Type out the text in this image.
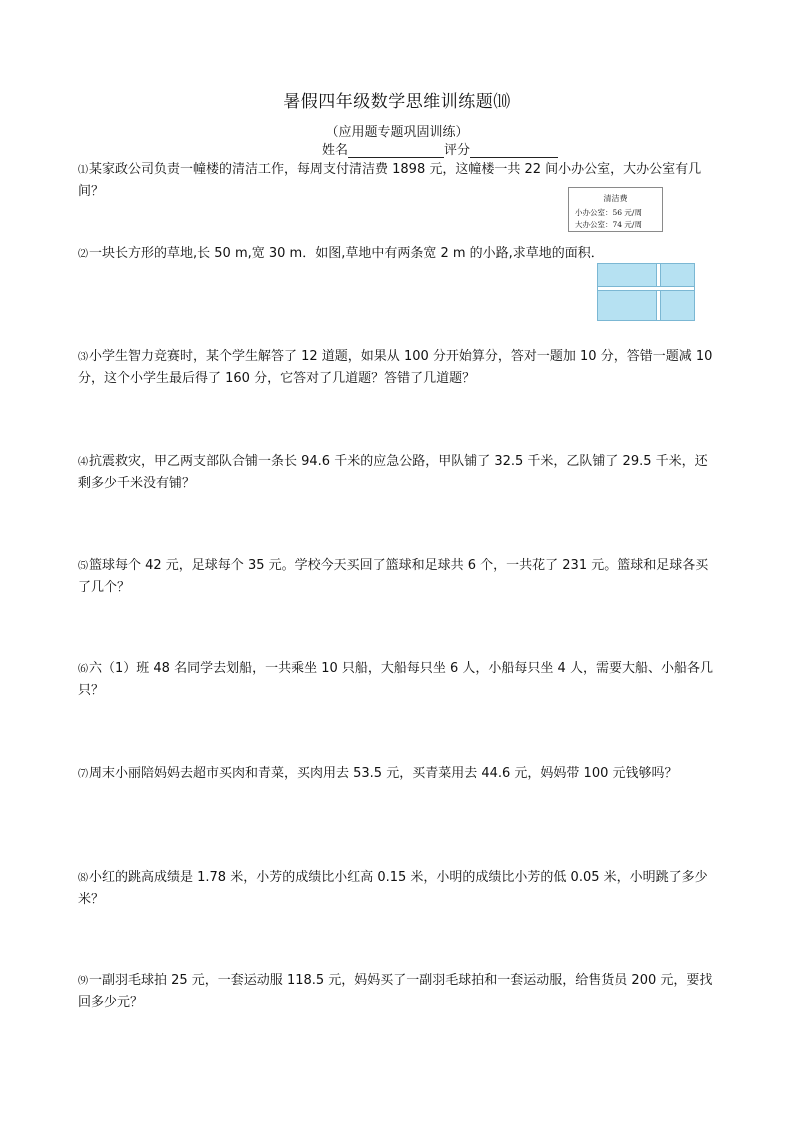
暑假四年级数学思维训练题⑽
（应用题专题巩固训练）
姓名	评分
⑴某家政公司负责一幢楼的清洁工作，每周支付清洁费 1898 元，这幢楼一共 22 间小办公室，大办公室有几间？	清洁费
小办公室：56 元/周
大办公室：74 元/周
⑵一块长方形的草地,长 50 m,宽 30 m．如图,草地中有两条宽 2 m 的小路,求草地的面积．
⑶小学生智力竞赛时，某个学生解答了 12 道题，如果从 100 分开始算分，答对一题加 10 分，答错一题减 10 分，这个小学生最后得了 160 分，它答对了几道题？答错了几道题？
⑷抗震救灾，甲乙两支部队合铺一条长 94.6 千米的应急公路，甲队铺了 32.5 千米，乙队铺了 29.5 千米，还剩多少千米没有铺？
⑸篮球每个 42 元，足球每个 35 元。学校今天买回了篮球和足球共 6 个，一共花了 231 元。篮球和足球各买了几个？
⑹六（1）班 48 名同学去划船，一共乘坐 10 只船，大船每只坐 6 人，小船每只坐 4 人，需要大船、小船各几只？
⑺周末小丽陪妈妈去超市买肉和青菜，买肉用去 53.5 元，买青菜用去 44.6 元，妈妈带 100 元钱够吗？
⑻小红的跳高成绩是 1.78 米，小芳的成绩比小红高 0.15 米，小明的成绩比小芳的低 0.05 米，小明跳了多少米？
⑼一副羽毛球拍 25 元，一套运动服 118.5 元，妈妈买了一副羽毛球拍和一套运动服，给售货员 200 元，要找回多少元？
